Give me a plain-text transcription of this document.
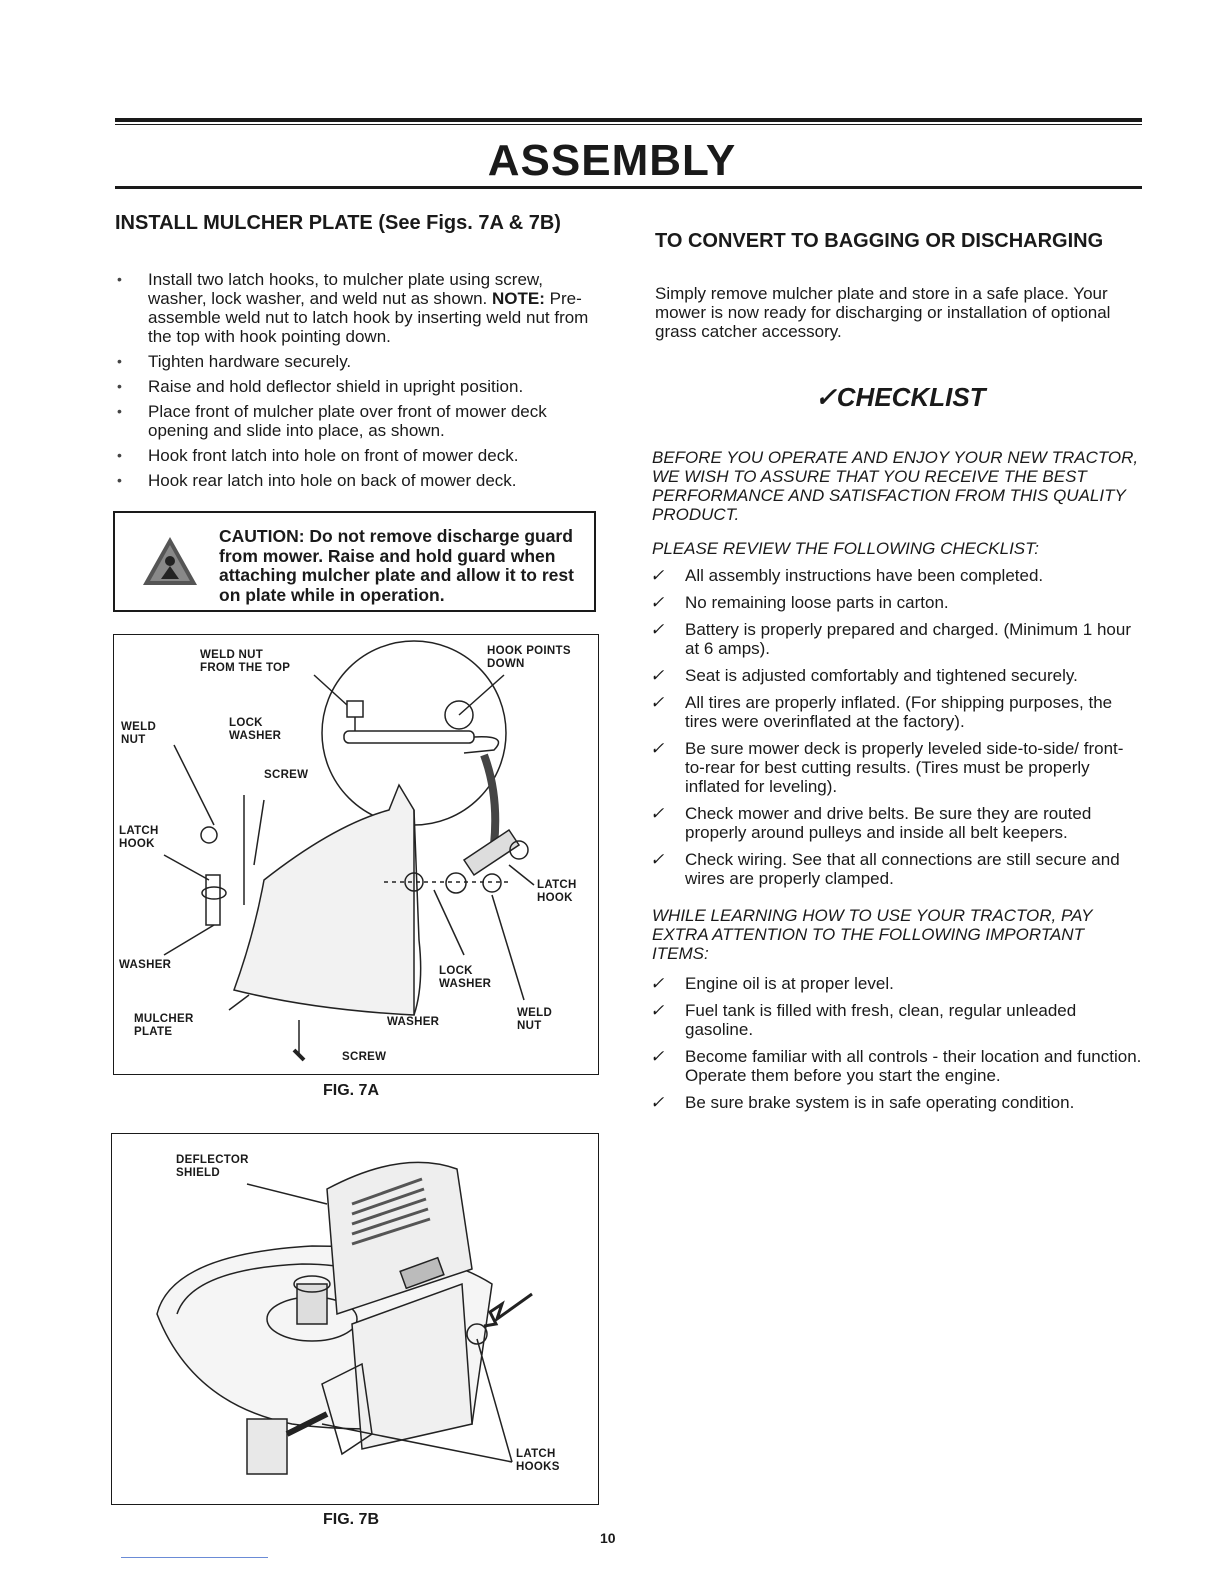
ASSEMBLY
INSTALL MULCHER PLATE (See Figs. 7A & 7B)
• Install two latch hooks, to mulcher plate using screw, washer, lock washer, and weld nut as shown. NOTE: Pre-assemble weld nut to latch hook by inserting weld nut from the top with hook pointing down.
• Tighten hardware securely.
• Raise and hold deflector shield in upright position.
• Place front of mulcher plate over front of mower deck opening and slide into place, as shown.
• Hook front latch into hole on front of mower deck.
• Hook rear latch into hole on back of mower deck.
CAUTION: Do not remove discharge guard from mower. Raise and hold guard when attaching mulcher plate and allow it to rest on plate while in operation.
WELD NUT
FROM THE TOP
HOOK POINTS
DOWN
WELD
NUT
LOCK
WASHER
SCREW
LATCH
HOOK
LATCH
HOOK
WASHER	LOCK
WASHER
MULCHER
PLATE
WASHER
WELD
NUT
SCREW
FIG. 7A
DEFLECTOR
SHIELD
LATCH
HOOKS
FIG. 7B
TO CONVERT TO BAGGING OR DISCHARGING
Simply remove mulcher plate and store in a safe place. Your mower is now ready for discharging or installation of optional grass catcher accessory.
✓CHECKLIST
BEFORE YOU OPERATE AND ENJOY YOUR NEW TRACTOR, WE WISH TO ASSURE THAT YOU RECEIVE THE BEST PERFORMANCE AND SATISFACTION FROM THIS QUALITY PRODUCT.
PLEASE REVIEW THE FOLLOWING CHECKLIST:
✓ All assembly instructions have been completed.
✓ No remaining loose parts in carton.
✓ Battery is properly prepared and charged. (Minimum 1 hour at 6 amps).
✓ Seat is adjusted comfortably and tightened securely.
✓ All tires are properly inflated. (For shipping purposes, the tires were overinflated at the factory).
✓ Be sure mower deck is properly leveled side-to-side/ front-to-rear for best cutting results. (Tires must be properly inflated for leveling).
✓ Check mower and drive belts. Be sure they are routed properly around pulleys and inside all belt keepers.
✓ Check wiring. See that all connections are still secure and wires are properly clamped.
WHILE LEARNING HOW TO USE YOUR TRACTOR, PAY EXTRA ATTENTION TO THE FOLLOWING IMPORTANT ITEMS:
✓ Engine oil is at proper level.
✓ Fuel tank is filled with fresh, clean, regular unleaded gasoline.
✓ Become familiar with all controls - their location and function. Operate them before you start the engine.
✓ Be sure brake system is in safe operating condition.
10
